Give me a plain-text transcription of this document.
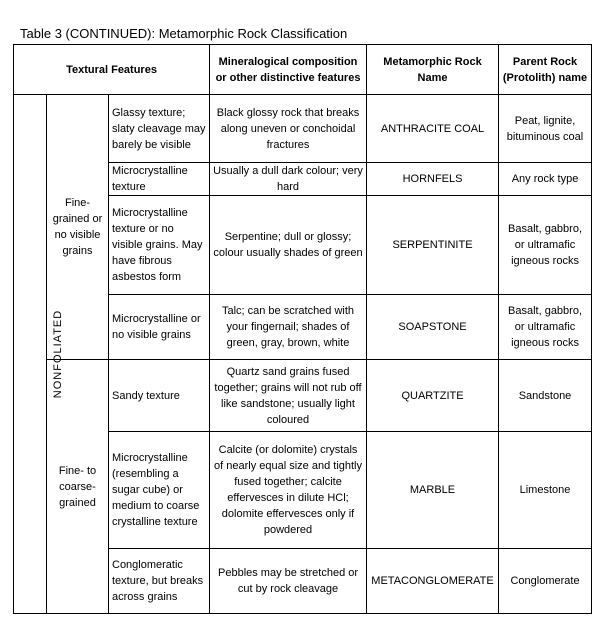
Table 3 (CONTINUED): Metamorphic Rock Classification
Textural Features			Mineralogical composition or other distinctive features	Metamorphic Rock Name	Parent Rock (Protolith) name
NONFOLIATED	Fine-grained or no visible grains	Glassy texture; slaty cleavage may barely be visible	Black glossy rock that breaks along uneven or conchoidal fractures	ANTHRACITE COAL	Peat, lignite, bituminous coal
		Microcrystalline texture	Usually a dull dark colour; very hard	HORNFELS	Any rock type
		Microcrystalline texture or no visible grains. May have fibrous asbestos form	Serpentine; dull or glossy; colour usually shades of green	SERPENTINITE	Basalt, gabbro, or ultramafic igneous rocks
		Microcrystalline or no visible grains	Talc; can be scratched with your fingernail; shades of green, gray, brown, white	SOAPSTONE	Basalt, gabbro, or ultramafic igneous rocks
	Fine- to coarse-grained	Sandy texture	Quartz sand grains fused together; grains will not rub off like sandstone; usually light coloured	QUARTZITE	Sandstone
		Microcrystalline (resembling a sugar cube) or medium to coarse crystalline texture	Calcite (or dolomite) crystals of nearly equal size and tightly fused together; calcite effervesces in dilute HCl; dolomite effervesces only if powdered	MARBLE	Limestone
		Conglomeratic texture, but breaks across grains	Pebbles may be stretched or cut by rock cleavage	METACONGLOMERATE	Conglomerate
